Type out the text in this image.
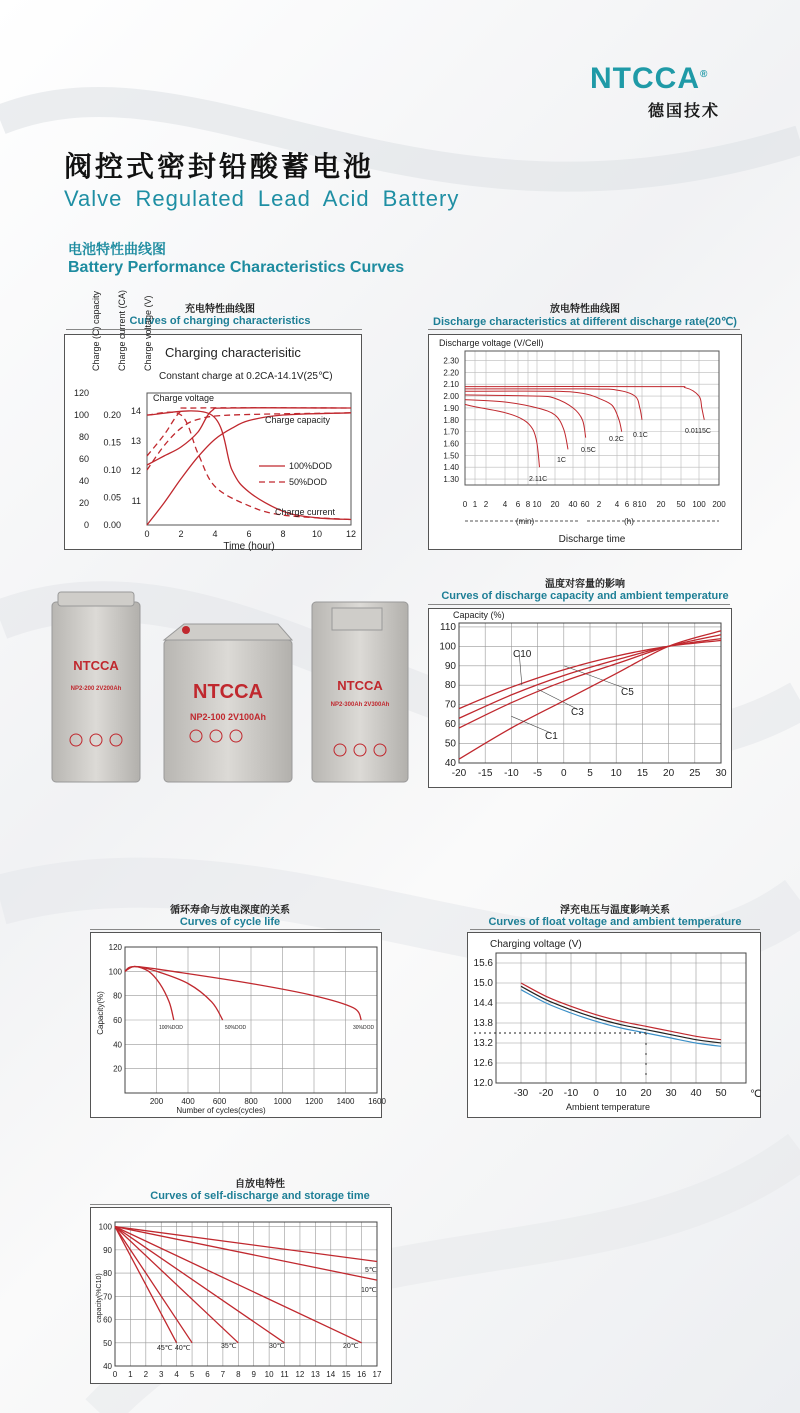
NTCCA®
德国技术
阀控式密封铅酸蓄电池
Valve Regulated Lead Acid Battery
电池特性曲线图
Battery Performance Characteristics Curves
充电特性曲线图
Curves of charging characteristics
放电特性曲线图
Discharge characteristics at different discharge rate(20℃)
温度对容量的影响
Curves of discharge capacity and ambient temperature
循环寿命与放电深度的关系
Curves of cycle life
浮充电压与温度影响关系
Curves of float voltage and ambient temperature
自放电特性
Curves of self-discharge and storage time
Charging characterisitic
Constant charge at 0.2CA-14.1V(25℃)
Charge (C) capacity Charge current (CA) Charge voltage (V)
0	2	4	6	8	10	12
0
20
40
60
80
100
120
0.00
0.05
0.10
0.15
0.20
11
12
13
14
Time (hour)
Charge voltage
Charge capacity
Charge current
100%DOD
50%DOD
Discharge voltage (V/Cell)
1.30
1.40
1.50
1.60
1.70
1.80
1.90
2.00
2.10
2.20
2.30
0 1 2 4 6 8 10 20 40 60 2 4 6 8 10 20 50 100 200
(min)	(h)
Discharge time
2.11C
1C
0.5C
0.2C
0.1C
0.0115C
-20 -15 -10 -5 0 5 10 15 20 25 30
40
50
60
70
80
90
100
110
Capacity (%)
C10
C5
C3
C1
200 400 600 800 1000 1200 1400 1600
20
40
60
80
100
120
Capacity(%)
Number of cycles(cycles)
100%DOD	50%DOD	30%DOD
-30 -20 -10 0 10 20 30 40 50
12.0
12.6
13.2
13.8
14.4
15.0
15.6
Charging voltage (V)
℃
Ambient temperature
0 1 2 3 4 5 6 7 8 9 10 11 12 13 14 15 16 17
40
50
60
70
80
90
100
capacity(%C10)
5℃
10℃
20℃
30℃
35℃
40℃
45℃
NTCCA
NP2-200 2V200Ah	NTCCA
NP2-100 2V100Ah
NTCCA
NP2-300Ah 2V300Ah
